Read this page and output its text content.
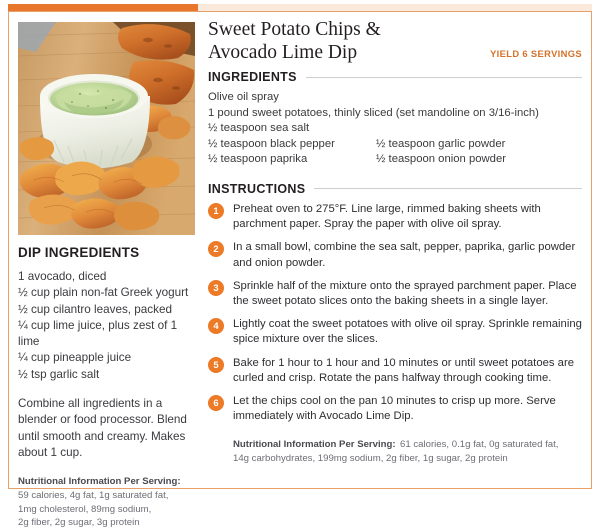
DIP INGREDIENTS
1 avocado, diced
½ cup plain non-fat Greek yogurt
½ cup cilantro leaves, packed
¼ cup lime juice, plus zest of 1 lime
¼ cup pineapple juice
½ tsp garlic salt
Combine all ingredients in a blender or food processor. Blend until smooth and creamy. Makes about 1 cup.
Nutritional Information Per Serving:
59 calories, 4g fat, 1g saturated fat,
1mg cholesterol, 89mg sodium,
2g fiber, 2g sugar, 3g protein
Sweet Potato Chips &
Avocado Lime Dip	YIELD 6 SERVINGS
INGREDIENTS
Olive oil spray
1 pound sweet potatoes, thinly sliced (set mandoline on 3/16-inch)
½ teaspoon sea salt
½ teaspoon black pepper	½ teaspoon garlic powder
½ teaspoon paprika	½ teaspoon onion powder
INSTRUCTIONS
1	Preheat oven to 275°F. Line large, rimmed baking sheets with parchment paper. Spray the paper with olive oil spray.
2	In a small bowl, combine the sea salt, pepper, paprika, garlic powder and onion powder.
3	Sprinkle half of the mixture onto the sprayed parchment paper. Place the sweet potato slices onto the baking sheets in a single layer.
4	Lightly coat the sweet potatoes with olive oil spray. Sprinkle remaining spice mixture over the slices.
5	Bake for 1 hour to 1 hour and 10 minutes or until sweet potatoes are curled and crisp. Rotate the pans halfway through cooking time.
6	Let the chips cool on the pan 10 minutes to crisp up more. Serve immediately with Avocado Lime Dip.
Nutritional Information Per Serving: 61 calories, 0.1g fat, 0g saturated fat,
14g carbohydrates, 199mg sodium, 2g fiber, 1g sugar, 2g protein
